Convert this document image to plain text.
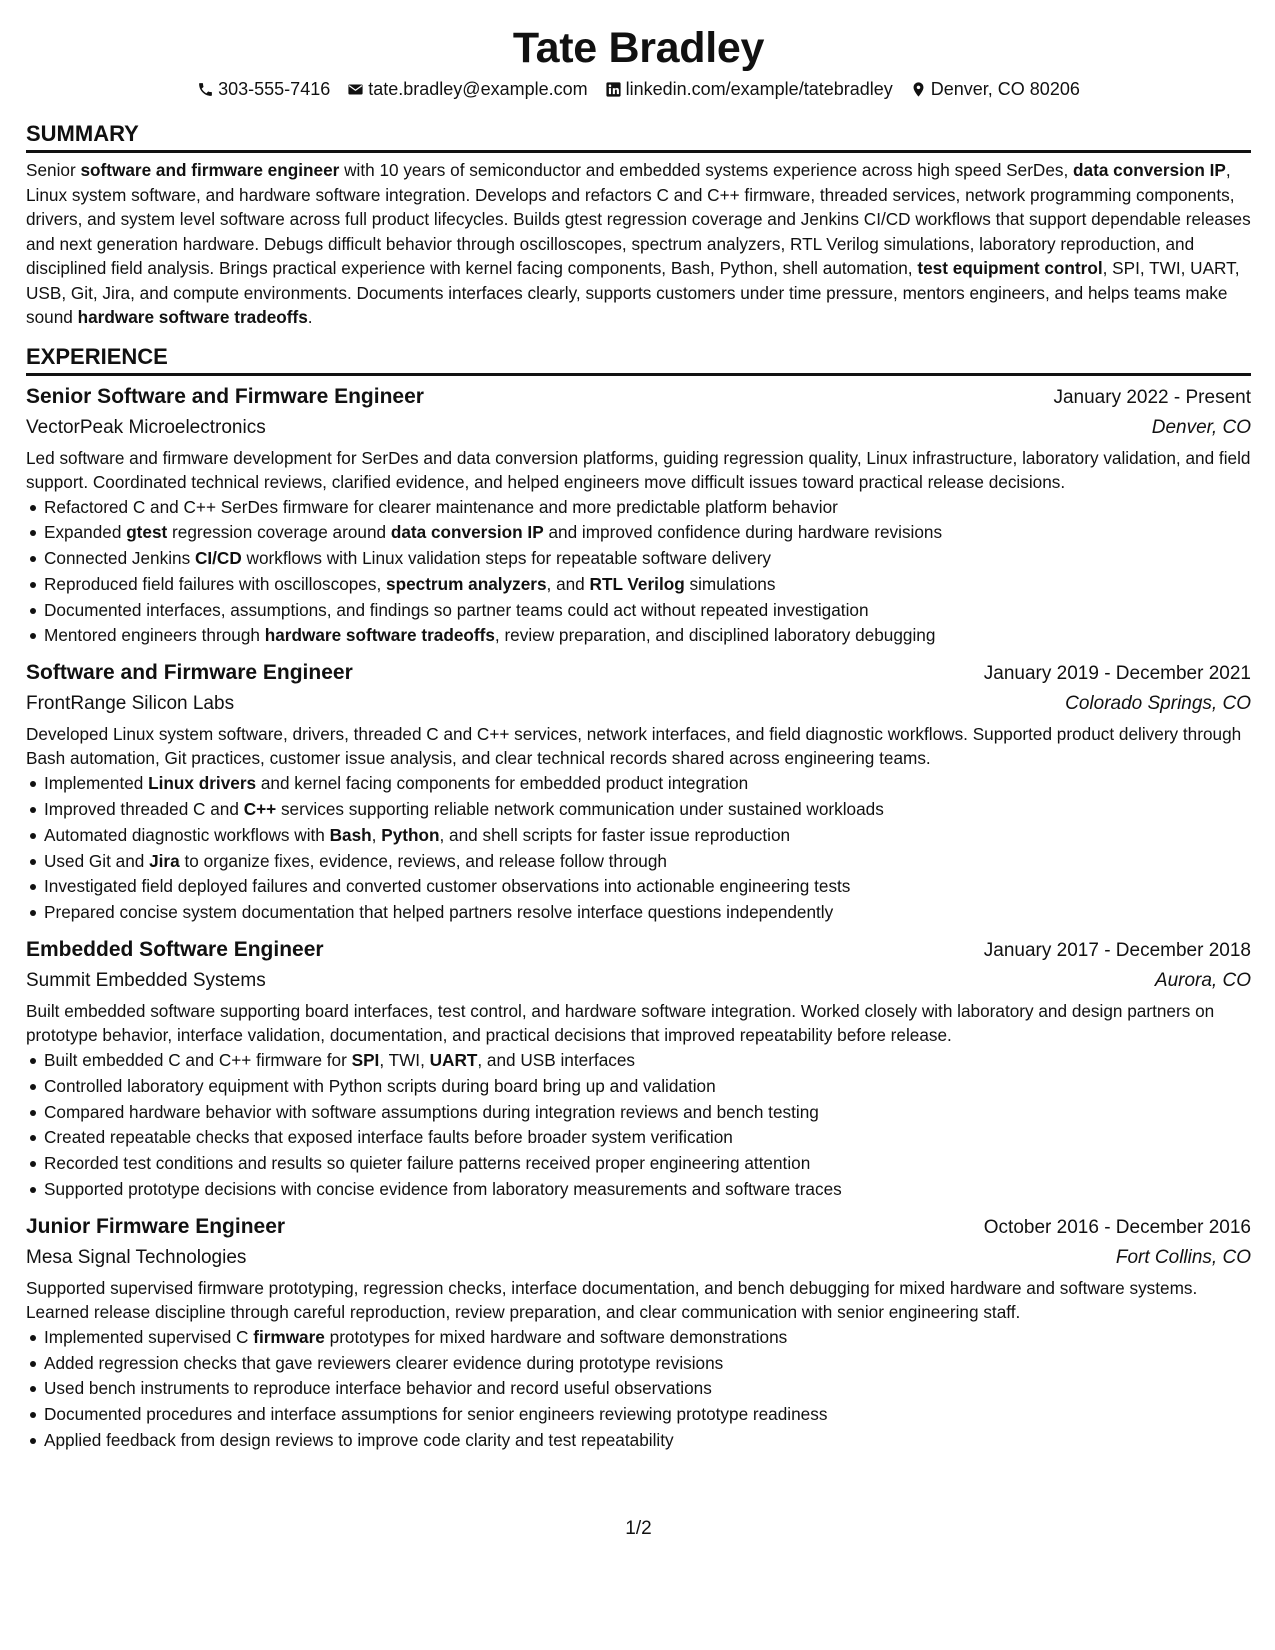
Tate Bradley
303-555-7416 tate.bradley@example.com linkedin.com/example/tatebradley Denver, CO 80206
SUMMARY
Senior software and firmware engineer with 10 years of semiconductor and embedded systems experience across high speed SerDes, data conversion IP, Linux system software, and hardware software integration. Develops and refactors C and C++ firmware, threaded services, network programming components, drivers, and system level software across full product lifecycles. Builds gtest regression coverage and Jenkins CI/CD workflows that support dependable releases and next generation hardware. Debugs difficult behavior through oscilloscopes, spectrum analyzers, RTL Verilog simulations, laboratory reproduction, and disciplined field analysis. Brings practical experience with kernel facing components, Bash, Python, shell automation, test equipment control, SPI, TWI, UART, USB, Git, Jira, and compute environments. Documents interfaces clearly, supports customers under time pressure, mentors engineers, and helps teams make sound hardware software tradeoffs.
EXPERIENCE
Senior Software and Firmware Engineer	January 2022 - Present
VectorPeak Microelectronics	Denver, CO
Led software and firmware development for SerDes and data conversion platforms, guiding regression quality, Linux infrastructure, laboratory validation, and field support. Coordinated technical reviews, clarified evidence, and helped engineers move difficult issues toward practical release decisions.
Refactored C and C++ SerDes firmware for clearer maintenance and more predictable platform behavior
Expanded gtest regression coverage around data conversion IP and improved confidence during hardware revisions
Connected Jenkins CI/CD workflows with Linux validation steps for repeatable software delivery
Reproduced field failures with oscilloscopes, spectrum analyzers, and RTL Verilog simulations
Documented interfaces, assumptions, and findings so partner teams could act without repeated investigation
Mentored engineers through hardware software tradeoffs, review preparation, and disciplined laboratory debugging
Software and Firmware Engineer	January 2019 - December 2021
FrontRange Silicon Labs	Colorado Springs, CO
Developed Linux system software, drivers, threaded C and C++ services, network interfaces, and field diagnostic workflows. Supported product delivery through Bash automation, Git practices, customer issue analysis, and clear technical records shared across engineering teams.
Implemented Linux drivers and kernel facing components for embedded product integration
Improved threaded C and C++ services supporting reliable network communication under sustained workloads
Automated diagnostic workflows with Bash, Python, and shell scripts for faster issue reproduction
Used Git and Jira to organize fixes, evidence, reviews, and release follow through
Investigated field deployed failures and converted customer observations into actionable engineering tests
Prepared concise system documentation that helped partners resolve interface questions independently
Embedded Software Engineer	January 2017 - December 2018
Summit Embedded Systems	Aurora, CO
Built embedded software supporting board interfaces, test control, and hardware software integration. Worked closely with laboratory and design partners on prototype behavior, interface validation, documentation, and practical decisions that improved repeatability before release.
Built embedded C and C++ firmware for SPI, TWI, UART, and USB interfaces
Controlled laboratory equipment with Python scripts during board bring up and validation
Compared hardware behavior with software assumptions during integration reviews and bench testing
Created repeatable checks that exposed interface faults before broader system verification
Recorded test conditions and results so quieter failure patterns received proper engineering attention
Supported prototype decisions with concise evidence from laboratory measurements and software traces
Junior Firmware Engineer	October 2016 - December 2016
Mesa Signal Technologies	Fort Collins, CO
Supported supervised firmware prototyping, regression checks, interface documentation, and bench debugging for mixed hardware and software systems. Learned release discipline through careful reproduction, review preparation, and clear communication with senior engineering staff.
Implemented supervised C firmware prototypes for mixed hardware and software demonstrations
Added regression checks that gave reviewers clearer evidence during prototype revisions
Used bench instruments to reproduce interface behavior and record useful observations
Documented procedures and interface assumptions for senior engineers reviewing prototype readiness
Applied feedback from design reviews to improve code clarity and test repeatability
1/2
